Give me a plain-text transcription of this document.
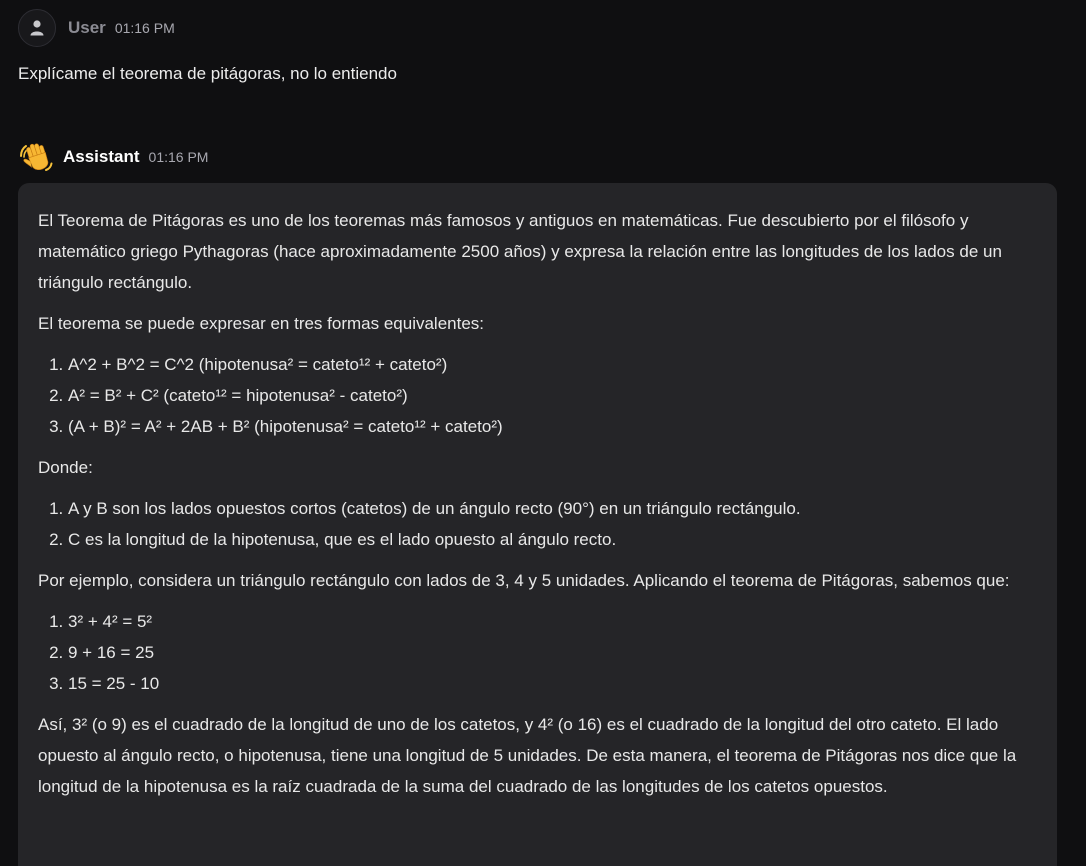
User 01:16 PM
Explícame el teorema de pitágoras, no lo entiendo
Assistant 01:16 PM

El Teorema de Pitágoras es uno de los teoremas más famosos y antiguos en matemáticas. Fue descubierto por el filósofo y matemático griego Pythagoras (hace aproximadamente 2500 años) y expresa la relación entre las longitudes de los lados de un triángulo rectángulo.

El teorema se puede expresar en tres formas equivalentes:

1. A^2 + B^2 = C^2 (hipotenusa² = cateto¹² + cateto²)
2. A² = B² + C² (cateto¹² = hipotenusa² - cateto²)
3. (A + B)² = A² + 2AB + B² (hipotenusa² = cateto¹² + cateto²)

Donde:

1. A y B son los lados opuestos cortos (catetos) de un ángulo recto (90°) en un triángulo rectángulo.
2. C es la longitud de la hipotenusa, que es el lado opuesto al ángulo recto.

Por ejemplo, considera un triángulo rectángulo con lados de 3, 4 y 5 unidades. Aplicando el teorema de Pitágoras, sabemos que:

1. 3² + 4² = 5²
2. 9 + 16 = 25
3. 15 = 25 - 10

Así, 3² (o 9) es el cuadrado de la longitud de uno de los catetos, y 4² (o 16) es el cuadrado de la longitud del otro cateto. El lado opuesto al ángulo recto, o hipotenusa, tiene una longitud de 5 unidades. De esta manera, el teorema de Pitágoras nos dice que la longitud de la hipotenusa es la raíz cuadrada de la suma del cuadrado de las longitudes de los catetos opuestos.
